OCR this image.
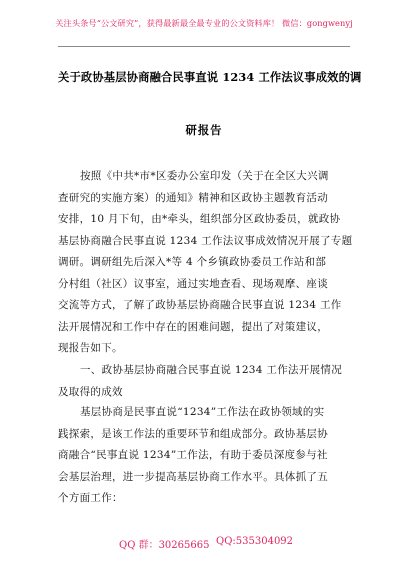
关注头条号“公文研究”，获得最新最全最专业的公文资料库！ 微信：gongwenyj
关于政协基层协商融合民事直说 1234 工作法议事成效的调
研报告
按照《中共*市*区委办公室印发（关于在全区大兴调
查研究的实施方案）的通知》精神和区政协主题教育活动
安排，10 月下旬，由*牵头，组织部分区政协委员，就政协
基层协商融合民事直说 1234 工作法议事成效情况开展了专题
调研。调研组先后深入*等 4 个乡镇政协委员工作站和部
分村组（社区）议事室，通过实地查看、现场观摩、座谈
交流等方式，了解了政协基层协商融合民事直说 1234 工作
法开展情况和工作中存在的困难问题，提出了对策建议，
现报告如下。
一、政协基层协商融合民事直说 1234 工作法开展情况
及取得的成效
基层协商是民事直说“1234”工作法在政协领域的实
践探索，是该工作法的重要环节和组成部分。政协基层协
商融合“民事直说 1234”工作法，有助于委员深度参与社
会基层治理，进一步提高基层协商工作水平。具体抓了五
个方面工作：
QQ 群：30265665 QQ:535304092
